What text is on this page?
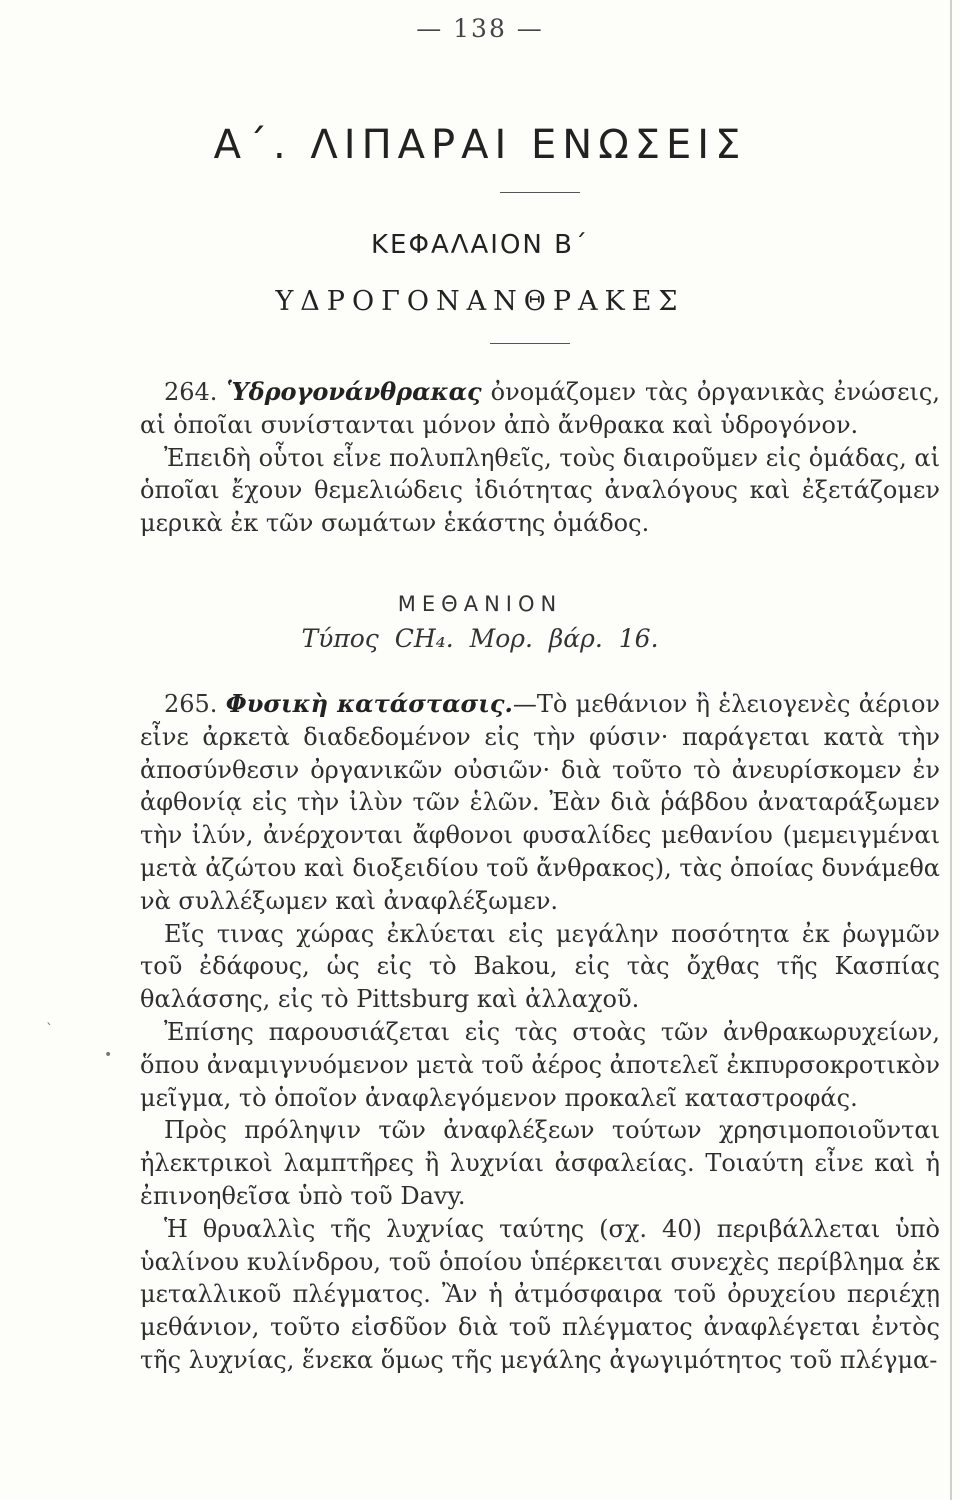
— 138 —
Α΄. ΛΙΠΑΡΑΙ ΕΝΩΣΕΙΣ
ΚΕΦΑΛΑΙΟΝ Β΄
ΥΔΡΟΓΟΝΑΝΘΡΑΚΕΣ

264. Ὑδρογονάνθρακας ὀνομάζομεν τὰς ὀργανικὰς ἐνώσεις, αἱ ὁποῖαι συνίστανται μόνον ἀπὸ ἄνθρακα καὶ ὑδρογόνον.

Ἐπειδὴ οὗτοι εἶνε πολυπληθεῖς, τοὺς διαιροῦμεν εἰς ὁμάδας, αἱ ὁποῖαι ἔχουν θεμελιώδεις ἰδιότητας ἀναλόγους καὶ ἐξετάζομεν μερικὰ ἐκ τῶν σωμάτων ἑκάστης ὁμάδος.

ΜΕΘΑΝΙΟΝ
Τύπος CH₄. Μορ. βάρ. 16.

265. Φυσικὴ κατάστασις.—Τὸ μεθάνιον ἢ ἑλειογενὲς ἀέριον εἶνε ἀρκετὰ διαδεδομένον εἰς τὴν φύσιν· παράγεται κατὰ τὴν ἀποσύνθεσιν ὀργανικῶν οὐσιῶν· διὰ τοῦτο τὸ ἀνευρίσκομεν ἐν ἀφθονίᾳ εἰς τὴν ἰλὺν τῶν ἑλῶν. Ἐὰν διὰ ῥάβδου ἀναταράξωμεν τὴν ἰλύν, ἀνέρχονται ἄφθονοι φυσαλίδες μεθανίου (μεμειγμέναι μετὰ ἀζώτου καὶ διοξειδίου τοῦ ἄνθρακος), τὰς ὁποίας δυνάμεθα νὰ συλλέξωμεν καὶ ἀναφλέξωμεν.

Εἴς τινας χώρας ἐκλύεται εἰς μεγάλην ποσότητα ἐκ ῥωγμῶν τοῦ ἐδάφους, ὡς εἰς τὸ Bakou, εἰς τὰς ὄχθας τῆς Κασπίας θαλάσσης, εἰς τὸ Pittsburg καὶ ἀλλαχοῦ.

Ἐπίσης παρουσιάζεται εἰς τὰς στοὰς τῶν ἀνθρακωρυχείων, ὅπου ἀναμιγνυόμενον μετὰ τοῦ ἀέρος ἀποτελεῖ ἐκπυρσοκροτικὸν μεῖγμα, τὸ ὁποῖον ἀναφλεγόμενον προκαλεῖ καταστροφάς.

Πρὸς πρόληψιν τῶν ἀναφλέξεων τούτων χρησιμοποιοῦνται ἠλεκτρικοὶ λαμπτῆρες ἢ λυχνίαι ἀσφαλείας. Τοιαύτη εἶνε καὶ ἡ ἐπινοηθεῖσα ὑπὸ τοῦ Davy.

Ἡ θρυαλλὶς τῆς λυχνίας ταύτης (σχ. 40) περιβάλλεται ὑπὸ ὑαλίνου κυλίνδρου, τοῦ ὁποίου ὑπέρκειται συνεχὲς περίβλημα ἐκ μεταλλικοῦ πλέγματος. Ἂν ἡ ἀτμόσφαιρα τοῦ ὀρυχείου περιέχῃ μεθάνιον, τοῦτο εἰσδῦον διὰ τοῦ πλέγματος ἀναφλέγεται ἐντὸς τῆς λυχνίας, ἕνεκα ὅμως τῆς μεγάλης ἀγωγιμότητος τοῦ πλέγμα-

ˋ
•
